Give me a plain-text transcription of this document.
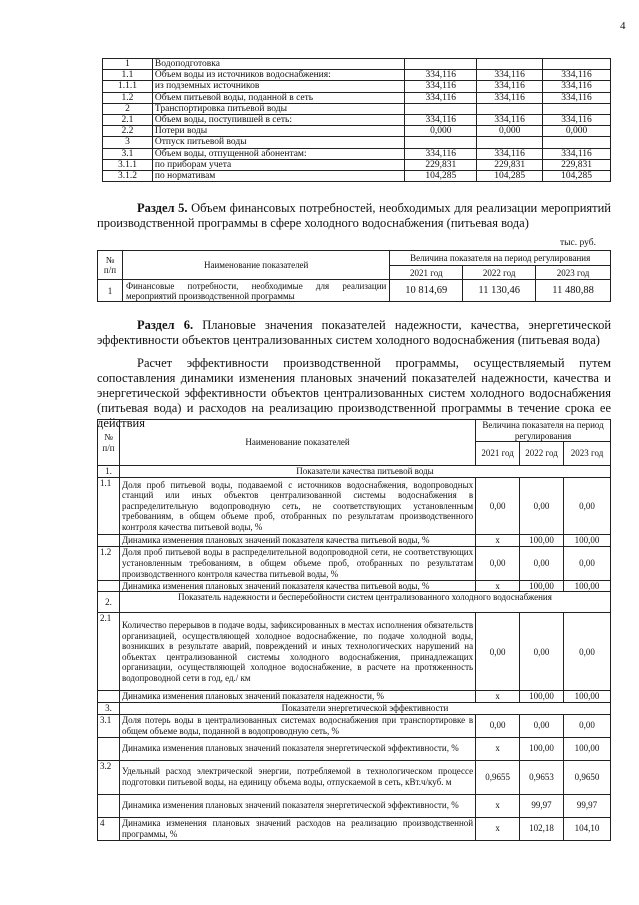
4
1	Водоподготовка			
1.1	Объем воды из источников водоснабжения:	334,116	334,116	334,116
1.1.1	из подземных источников	334,116	334,116	334,116
1.2	Объем питьевой воды, поданной в сеть	334,116	334,116	334,116
2	Транспортировка питьевой воды			
2.1	Объем воды, поступившей в сеть:	334,116	334,116	334,116
2.2	Потери воды	0,000	0,000	0,000
3	Отпуск питьевой воды			
3.1	Объем воды, отпущенной абонентам:	334,116	334,116	334,116
3.1.1	по приборам учета	229,831	229,831	229,831
3.1.2	по нормативам	104,285	104,285	104,285
Раздел 5. Объем финансовых потребностей, необходимых для реализации мероприятий производственной программы в сфере холодного водоснабжения (питьевая вода)
тыс. руб.
№ п/п	Наименование показателей	Величина показателя на период регулирования		
		2021 год	2022 год	2023 год
1	Финансовые потребности, необходимые для реализации мероприятий производственной программы	10 814,69	11 130,46	11 480,88
Раздел 6. Плановые значения показателей надежности, качества, энергетической эффективности объектов централизованных систем холодного водоснабжения (питьевая вода)
Расчет эффективности производственной программы, осуществляемый путем сопоставления динамики изменения плановых значений показателей надежности, качества и энергетической эффективности объектов централизованных систем холодного водоснабжения (питьевая вода) и расходов на реализацию производственной программы в течение срока ее действия
№ п/п	Наименование показателей	Величина показателя на период регулирования		
		2021 год	2022 год	2023 год
1.	Показатели качества питьевой воды			
1.1	Доля проб питьевой воды, подаваемой с источников водоснабжения, водопроводных станций или иных объектов централизованной системы водоснабжения в распределительную водопроводную сеть, не соответствующих установленным требованиям, в общем объеме проб, отобранных по результатам производственного контроля качества питьевой воды, %	0,00	0,00	0,00
	Динамика изменения плановых значений показателя качества питьевой воды, %	х	100,00	100,00
1.2	Доля проб питьевой воды в распределительной водопроводной сети, не соответствующих установленным требованиям, в общем объеме проб, отобранных по результатам производственного контроля качества питьевой воды, %	0,00	0,00	0,00
	Динамика изменения плановых значений показателя качества питьевой воды, %	х	100,00	100,00
2.	Показатель надежности и бесперебойности систем централизованного холодного водоснабжения			
2.1	Количество перерывов в подаче воды, зафиксированных в местах исполнения обязательств организацией, осуществляющей холодное водоснабжение, по подаче холодной воды, возникших в результате аварий, повреждений и иных технологических нарушений на объектах централизованной системы холодного водоснабжения, принадлежащих организации, осуществляющей холодное водоснабжение, в расчете на протяженность водопроводной сети в год, ед./ км	0,00	0,00	0,00
	Динамика изменения плановых значений показателя надежности, %	х	100,00	100,00
3.	Показатели энергетической эффективности			
3.1	Доля потерь воды в централизованных системах водоснабжения при транспортировке в общем объеме воды, поданной в водопроводную сеть, %	0,00	0,00	0,00
	Динамика изменения плановых значений показателя энергетической эффективности, %	х	100,00	100,00
3.2	Удельный расход электрической энергии, потребляемой в технологическом процессе подготовки питьевой воды, на единицу объема воды, отпускаемой в сеть, кВт.ч/куб. м	0,9655	0,9653	0,9650
	Динамика изменения плановых значений показателя энергетической эффективности, %	х	99,97	99,97
4	Динамика изменения плановых значений расходов на реализацию производственной программы, %	х	102,18	104,10
